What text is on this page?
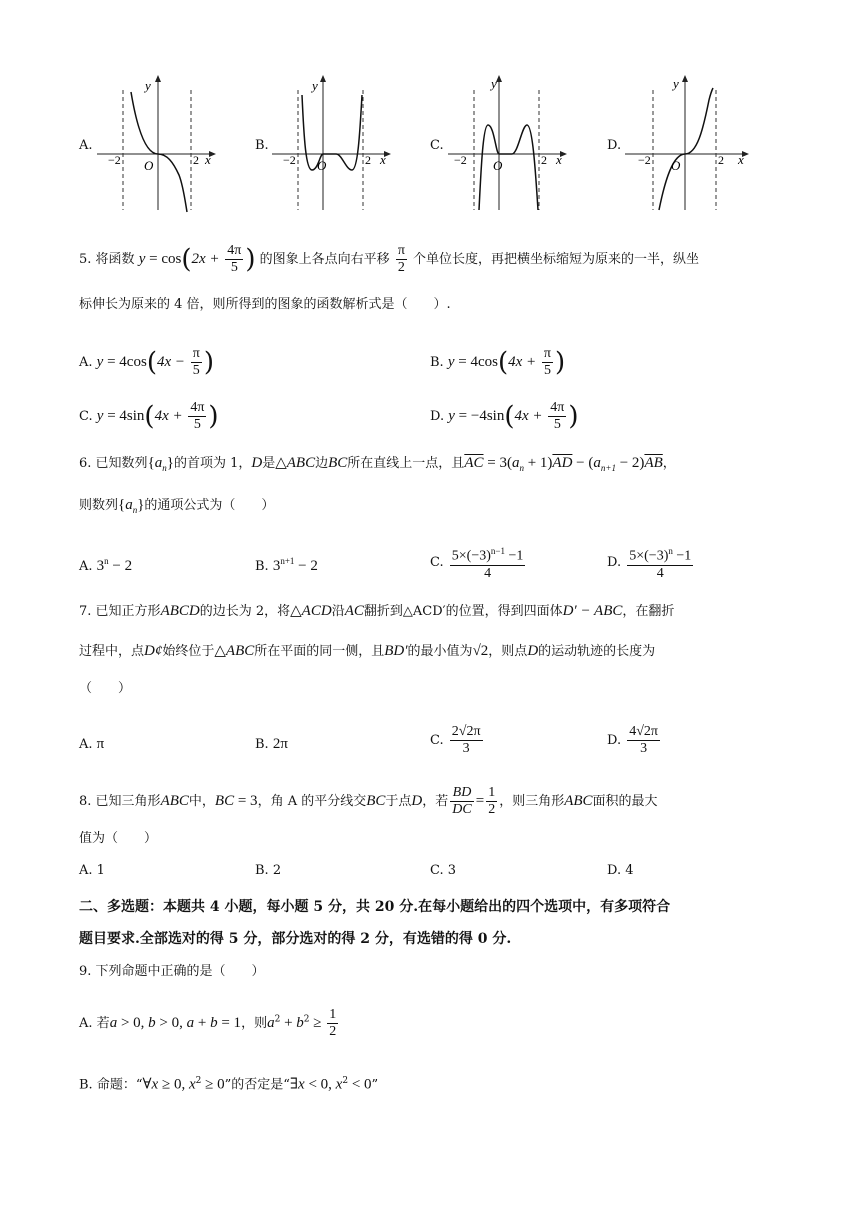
A.	B.	C.	D.
y
x
O
−2	2
y
x
O
−2	2
y
x
O
−2	2
y
x
O
−2	2
5. 将函数 $y = \cos(2x + \frac{4\pi}{5}$ ) 的图象上各点向右平移 $\frac{\pi}{2}$ 个单位长度，再把横坐标缩短为原来的一半，纵坐
标伸长为原来的 4 倍，则所得到的图象的函数解析式是（　　）.
A. $y = 4\cos(4x - \frac{\pi}{5}$ )	B. $y = 4\cos(4x + \frac{\pi}{5}$ )
C. $y = 4\sin(4x + \frac{4\pi}{5}$ )	D. $y = -4\sin(4x + \frac{4\pi}{5}$ )
6. 已知数列$\{a_n\}$的首项为 1，D是△ABC边BC所在直线上一点，且$\overline{AC} = 3(a_n + 1)\overline{AD} - (a_{n+1} - 2)\overline{AB}$，
则数列$\{a_n\}$的通项公式为（　　）
A. $3^n - 2$	B. $3^{n+1} - 2$	C. $\frac{5\times(-3)^{n-1} -1}{4}$	D. $\frac{5\times(-3)^n -1}{4}$
7. 已知正方形ABCD的边长为 2，将△ACD沿AC翻折到△ACD′的位置，得到四面体D′ − ABC，在翻折
过程中，点D¢始终位于△ABC所在平面的同一侧，且BD′的最小值为√2，则点D的运动轨迹的长度为
（　　）
A. π	B. 2π	C. $\frac{2√2\pi}{3}$	D. $\frac{4√2\pi}{3}$
8. 已知三角形ABC中，BC = 3，角 A 的平分线交BC于点D，若 $\frac{BD}{DC} = \frac{1}{2}$ ，则三角形ABC面积的最大
值为（　　）
A. 1	B. 2	C. 3	D. 4
二、多选题：本题共 4 小题，每小题 5 分，共 20 分.在每小题给出的四个选项中，有多项符合
题目要求.全部选对的得 5 分，部分选对的得 2 分，有选错的得 0 分.
9. 下列命题中正确的是（　　）
A. 若a > 0, b > 0, a + b = 1，则$a^2 + b^2 \ge \frac{1}{2}$
B. 命题：“∀x ≥ 0, $x^2 \ge 0$”的否定是“∃x < 0, $x^2 < 0$”
